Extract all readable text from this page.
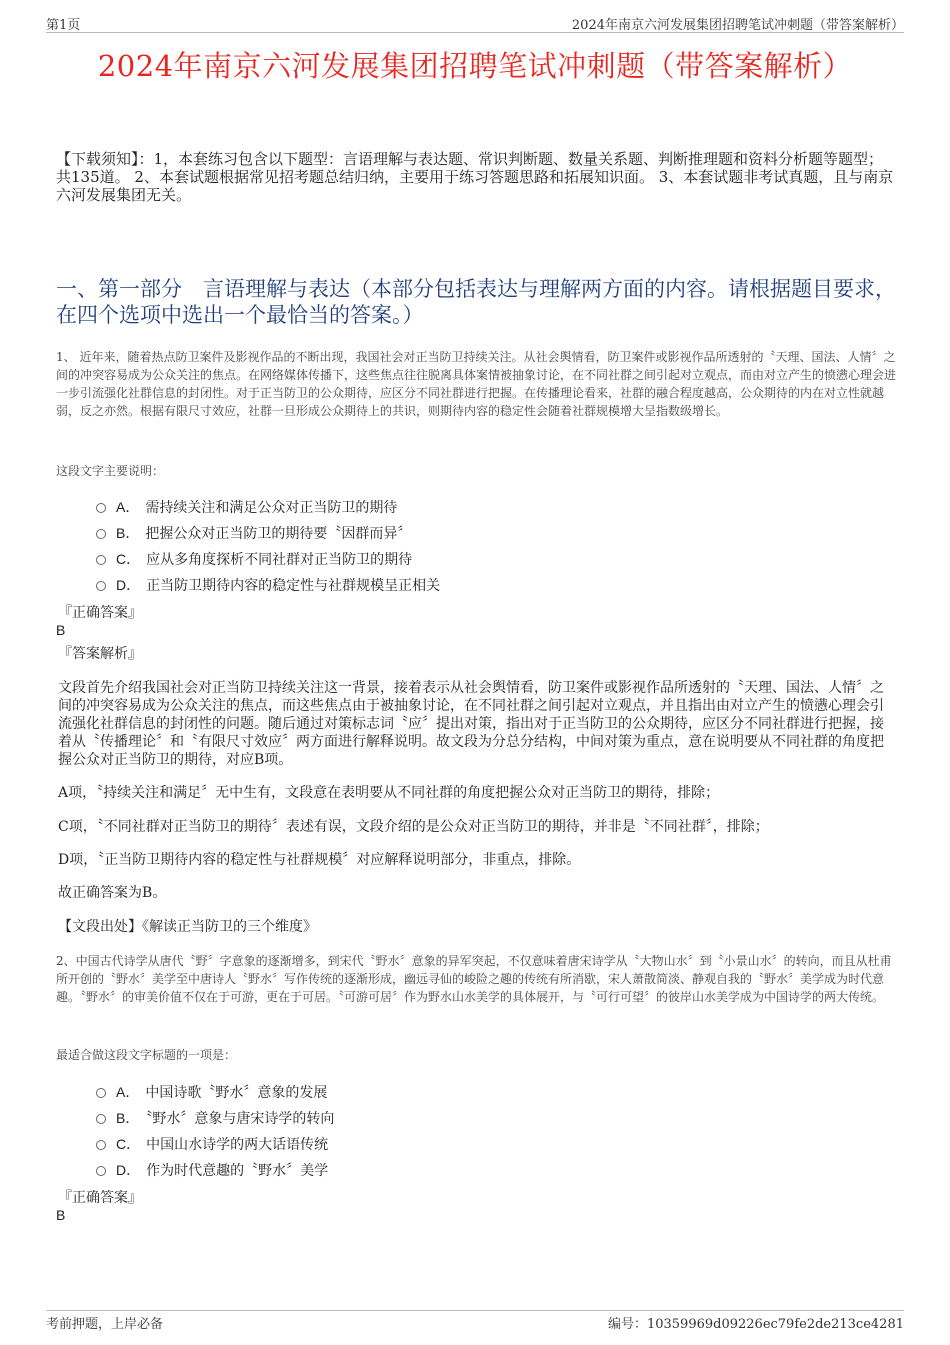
第1页	2024年南京六河发展集团招聘笔试冲刺题（带答案解析）
2024年南京六河发展集团招聘笔试冲刺题（带答案解析）
【下载须知】：1，本套练习包含以下题型：言语理解与表达题、常识判断题、数量关系题、判断推理题和资料分析题等题型；共135道。 2、本套试题根据常见招考题总结归纳，主要用于练习答题思路和拓展知识面。 3、本套试题非考试真题，且与南京六河发展集团无关。
一、第一部分　言语理解与表达（本部分包括表达与理解两方面的内容。请根据题目要求，在四个选项中选出一个最恰当的答案。）
1、 近年来，随着热点防卫案件及影视作品的不断出现，我国社会对正当防卫持续关注。从社会舆情看，防卫案件或影视作品所透射的〝天理、国法、人情〞之间的冲突容易成为公众关注的焦点。在网络媒体传播下，这些焦点往往脱离具体案情被抽象讨论，在不同社群之间引起对立观点，而由对立产生的愤懑心理会进一步引流强化社群信息的封闭性。对于正当防卫的公众期待，应区分不同社群进行把握。在传播理论看来，社群的融合程度越高，公众期待的内在对立性就越弱，反之亦然。根据有限尺寸效应，社群一旦形成公众期待上的共识，则期待内容的稳定性会随着社群规模增大呈指数级增长。
这段文字主要说明：
A． 需持续关注和满足公众对正当防卫的期待
B． 把握公众对正当防卫的期待要〝因群而异〞
C． 应从多角度探析不同社群对正当防卫的期待
D． 正当防卫期待内容的稳定性与社群规模呈正相关
『正确答案』
B
『答案解析』
文段首先介绍我国社会对正当防卫持续关注这一背景，接着表示从社会舆情看，防卫案件或影视作品所透射的〝天理、国法、人情〞之间的冲突容易成为公众关注的焦点，而这些焦点由于被抽象讨论，在不同社群之间引起对立观点，并且指出由对立产生的愤懑心理会引流强化社群信息的封闭性的问题。随后通过对策标志词〝应〞提出对策，指出对于正当防卫的公众期待，应区分不同社群进行把握，接着从〝传播理论〞和〝有限尺寸效应〞两方面进行解释说明。故文段为分总分结构，中间对策为重点，意在说明要从不同社群的角度把握公众对正当防卫的期待，对应B项。
A项，〝持续关注和满足〞无中生有，文段意在表明要从不同社群的角度把握公众对正当防卫的期待，排除；
C项，〝不同社群对正当防卫的期待〞表述有误，文段介绍的是公众对正当防卫的期待，并非是〝不同社群〞，排除；
D项，〝正当防卫期待内容的稳定性与社群规模〞对应解释说明部分，非重点，排除。
故正确答案为B。
【文段出处】《解读正当防卫的三个维度》
2、中国古代诗学从唐代〝野〞字意象的逐渐增多，到宋代〝野水〞意象的异军突起，不仅意味着唐宋诗学从〝大物山水〞到〝小景山水〞的转向，而且从杜甫所开创的〝野水〞美学至中唐诗人〝野水〞写作传统的逐渐形成，幽远寻仙的峻险之趣的传统有所消歇，宋人萧散简淡、静观自我的〝野水〞美学成为时代意趣。〝野水〞的审美价值不仅在于可游，更在于可居。〝可游可居〞作为野水山水美学的具体展开，与〝可行可望〞的彼岸山水美学成为中国诗学的两大传统。
最适合做这段文字标题的一项是：
A． 中国诗歌〝野水〞意象的发展
B． 〝野水〞意象与唐宋诗学的转向
C． 中国山水诗学的两大话语传统
D． 作为时代意趣的〝野水〞美学
『正确答案』
B
考前押题，上岸必备	编号：10359969d09226ec79fe2de213ce4281
